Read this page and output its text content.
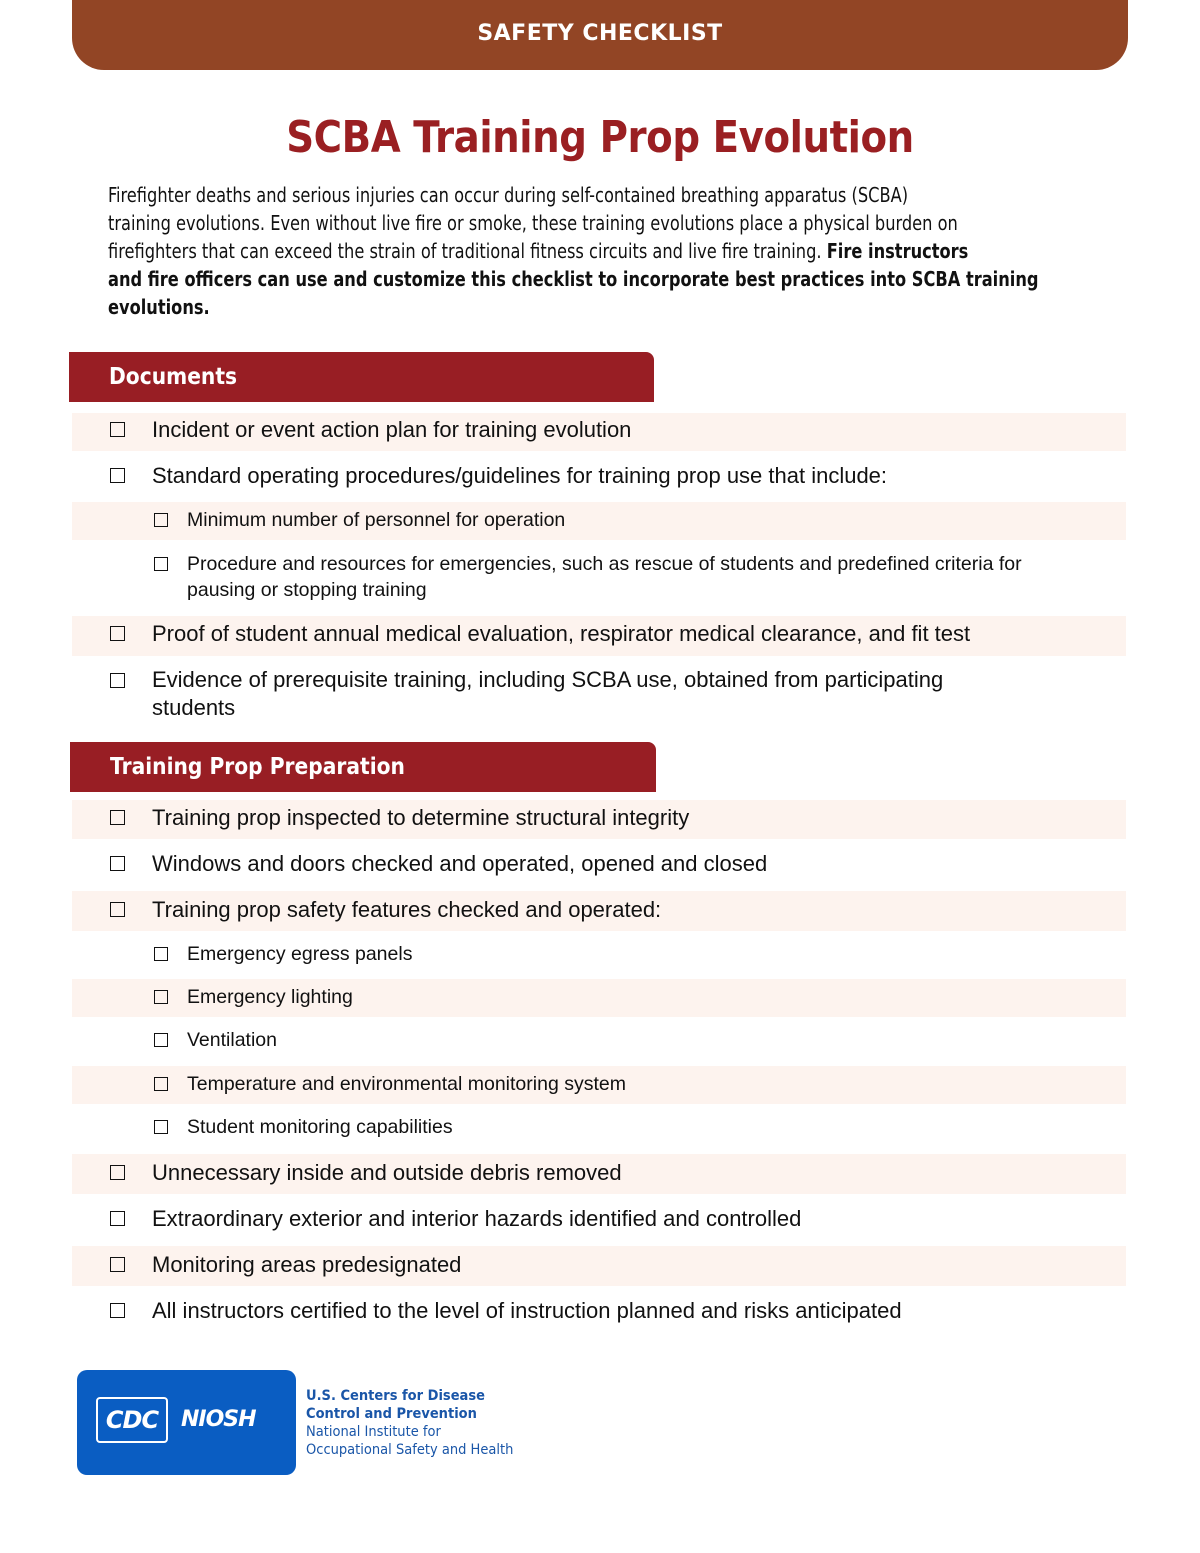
SAFETY CHECKLIST
SCBA Training Prop Evolution
Firefighter deaths and serious injuries can occur during self-contained breathing apparatus (SCBA)
training evolutions. Even without live fire or smoke, these training evolutions place a physical burden on
firefighters that can exceed the strain of traditional fitness circuits and live fire training. Fire instructors
and fire officers can use and customize this checklist to incorporate best practices into SCBA training
evolutions.
Documents
Incident or event action plan for training evolution
Standard operating procedures/guidelines for training prop use that include:
Minimum number of personnel for operation
Procedure and resources for emergencies, such as rescue of students and predefined criteria for
pausing or stopping training
Proof of student annual medical evaluation, respirator medical clearance, and fit test
Evidence of prerequisite training, including SCBA use, obtained from participating
students
Training Prop Preparation
Training prop inspected to determine structural integrity
Windows and doors checked and operated, opened and closed
Training prop safety features checked and operated:
Emergency egress panels
Emergency lighting
Ventilation
Temperature and environmental monitoring system
Student monitoring capabilities
Unnecessary inside and outside debris removed
Extraordinary exterior and interior hazards identified and controlled
Monitoring areas predesignated
All instructors certified to the level of instruction planned and risks anticipated
CDC	NIOSH
U.S. Centers for Disease
Control and Prevention
National Institute for
Occupational Safety and Health
